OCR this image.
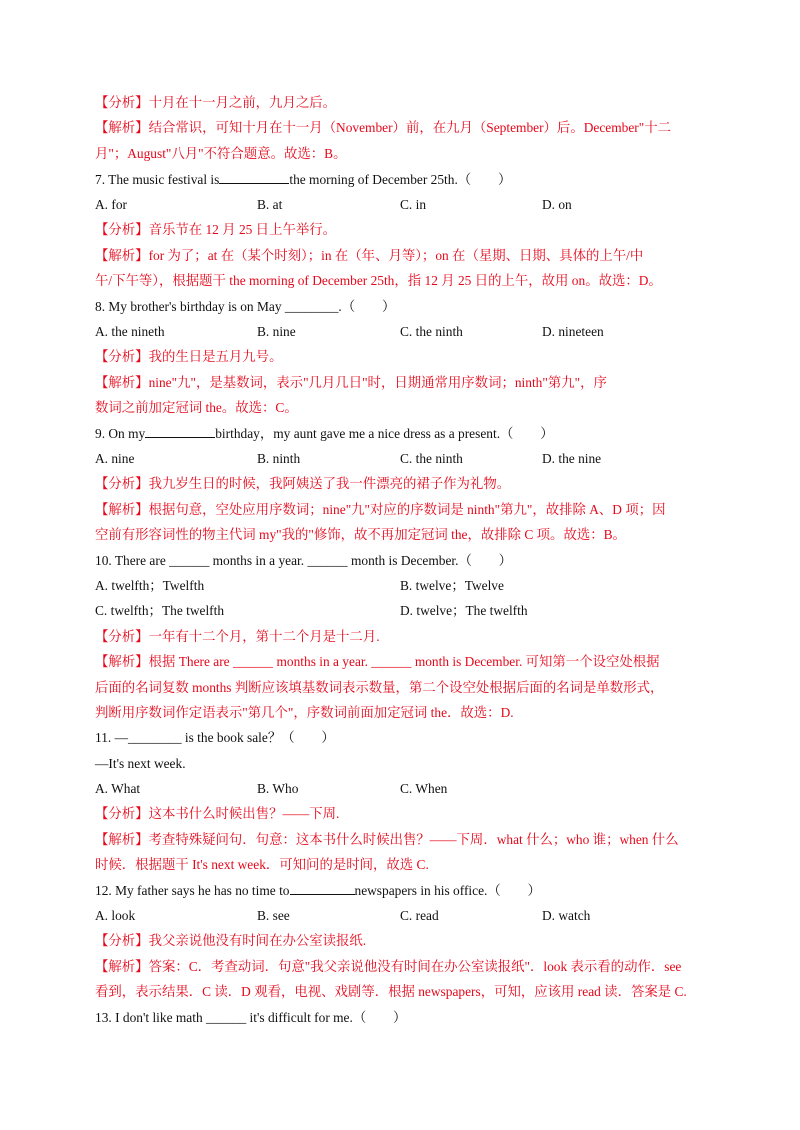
【分析】十月在十一月之前，九月之后。
【解析】结合常识，可知十月在十一月（November）前，在九月（September）后。December"十二
月"；August"八月"不符合题意。故选：B。
7. The music festival is	the morning of December 25th.（　　）
A. for	B. at	C. in	D. on
【分析】音乐节在 12 月 25 日上午举行。
【解析】for 为了；at 在（某个时刻）；in 在（年、月等）；on 在（星期、日期、具体的上午/中
午/下午等），根据题干 the morning of December 25th，指 12 月 25 日的上午，故用 on。故选：D。
8. My brother's birthday is on May ________.（　　）
A. the nineth	B. nine	C. the ninth	D. nineteen
【分析】我的生日是五月九号。
【解析】nine"九"，是基数词，表示"几月几日"时，日期通常用序数词；ninth"第九"，序
数词之前加定冠词 the。故选：C。
9. On my	birthday，my aunt gave me a nice dress as a present.（　　）
A. nine	B. ninth	C. the ninth	D. the nine
【分析】我九岁生日的时候，我阿姨送了我一件漂亮的裙子作为礼物。
【解析】根据句意，空处应用序数词；nine"九"对应的序数词是 ninth"第九"，故排除 A、D 项；因
空前有形容词性的物主代词 my"我的"修饰，故不再加定冠词 the，故排除 C 项。故选：B。
10. There are ______ months in a year. ______ month is December.（　　）
A. twelfth；Twelfth	B. twelve；Twelve
C. twelfth；The twelfth	D. twelve；The twelfth
【分析】一年有十二个月，第十二个月是十二月.
【解析】根据 There are ______ months in a year. ______ month is December. 可知第一个设空处根据
后面的名词复数 months 判断应该填基数词表示数量，第二个设空处根据后面的名词是单数形式，
判断用序数词作定语表示"第几个"，序数词前面加定冠词 the．故选：D.
11. —________ is the book sale？（　　）
—It's next week.
A. What	B. Who	C. When
【分析】这本书什么时候出售？——下周.
【解析】考查特殊疑问句．句意：这本书什么时候出售？——下周．what 什么；who 谁；when 什么
时候．根据题干 It's next week．可知问的是时间，故选 C.
12. My father says he has no time to	newspapers in his office.（　　）
A. look	B. see	C. read	D. watch
【分析】我父亲说他没有时间在办公室读报纸.
【解析】答案：C．考查动词．句意"我父亲说他没有时间在办公室读报纸"．look 表示看的动作．see
看到，表示结果．C 读．D 观看，电视、戏剧等．根据 newspapers，可知，应该用 read 读．答案是 C.
13. I don't like math ______ it's difficult for me.（　　）
